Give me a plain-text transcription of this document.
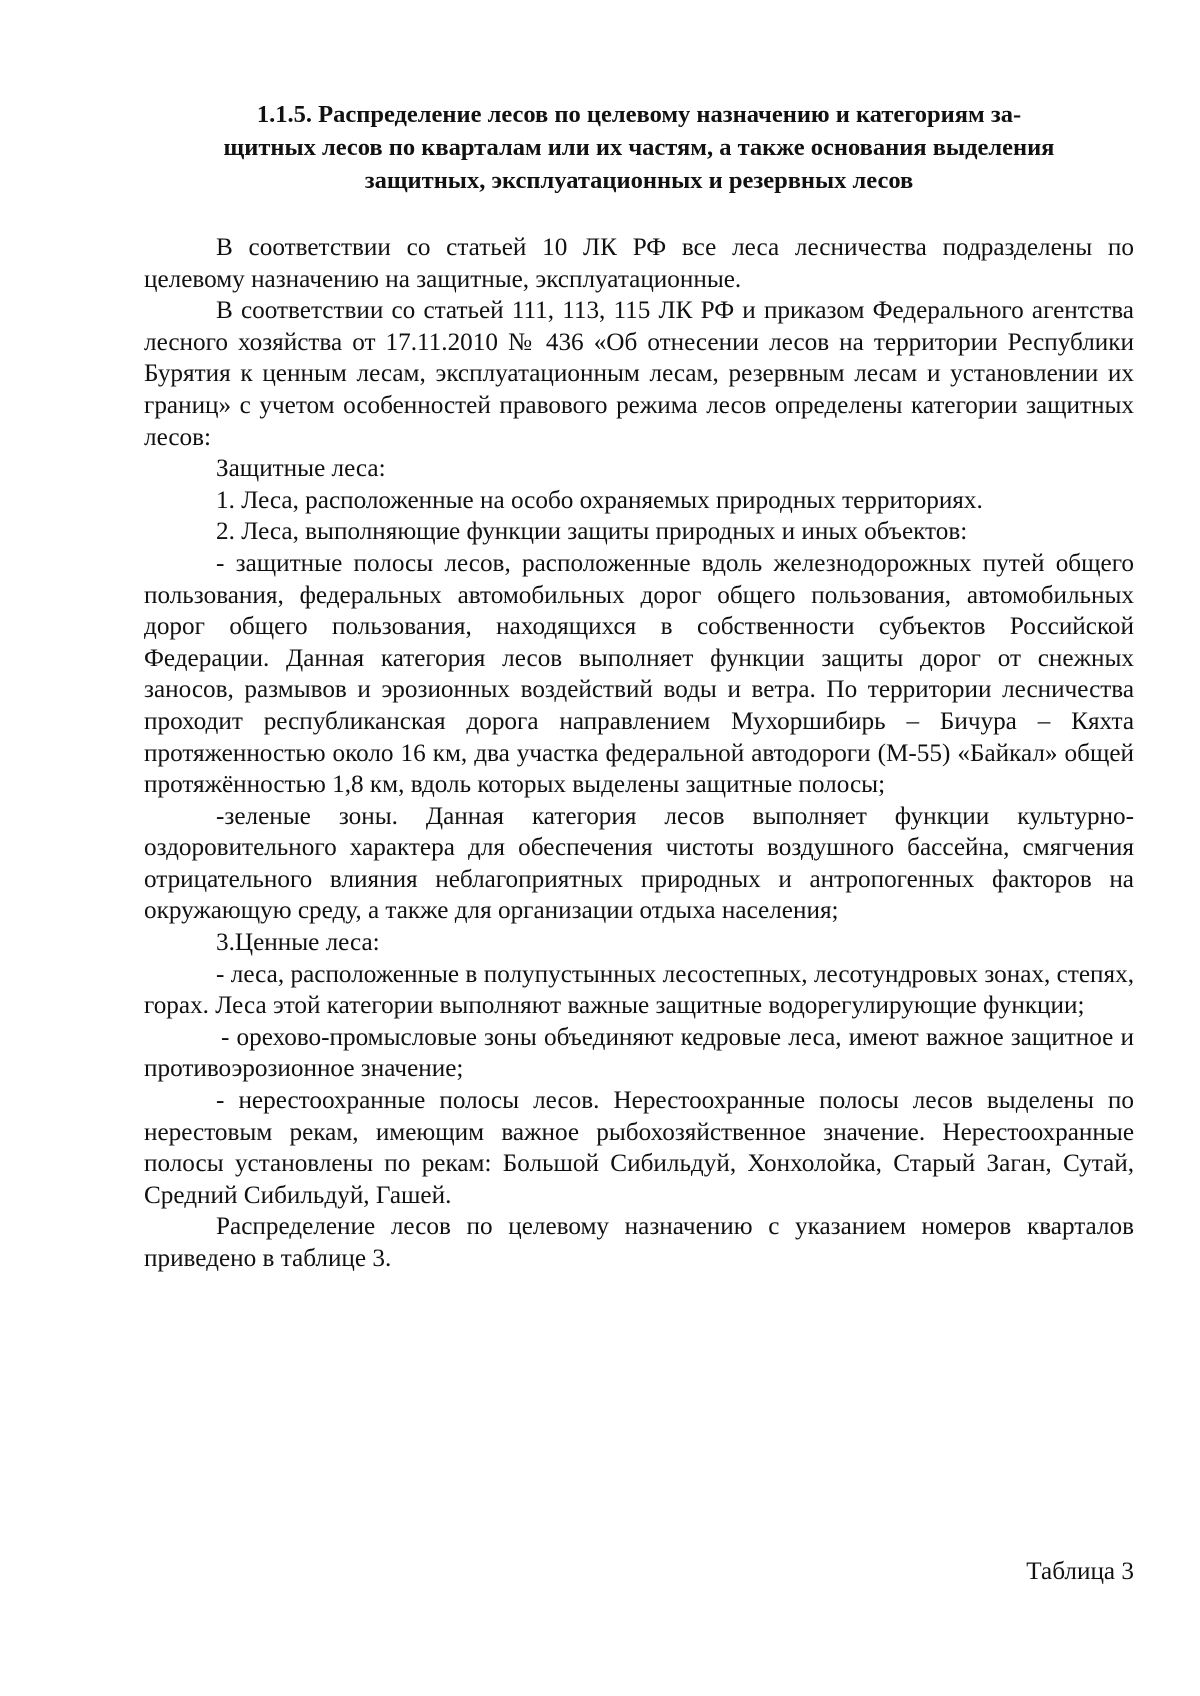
1.1.5. Распределение лесов по целевому назначению и категориям за-
щитных лесов по кварталам или их частям, а также основания выделения
защитных, эксплуатационных и резервных лесов

В соответствии со статьей 10 ЛК РФ все леса лесничества подразделены по целевому назначению на защитные, эксплуатационные.

В соответствии со статьей 111, 113, 115 ЛК РФ и приказом Федерального агентства лесного хозяйства от 17.11.2010 № 436 «Об отнесении лесов на территории Республики Бурятия к ценным лесам, эксплуатационным лесам, резервным лесам и установлении их границ» с учетом особенностей правового режима лесов определены категории защитных лесов:

Защитные леса:

1. Леса, расположенные на особо охраняемых природных территориях.

2. Леса, выполняющие функции защиты природных и иных объектов:

- защитные полосы лесов, расположенные вдоль железнодорожных путей общего пользования, федеральных автомобильных дорог общего пользования, автомобильных дорог общего пользования, находящихся в собственности субъектов Российской Федерации. Данная категория лесов выполняет функции защиты дорог от снежных заносов, размывов и эрозионных воздействий воды и ветра. По территории лесничества проходит республиканская дорога направлением Мухоршибирь – Бичура – Кяхта протяженностью около 16 км, два участка федеральной автодороги (М-55) «Байкал» общей протяжённостью 1,8 км, вдоль которых выделены защитные полосы;

-зеленые зоны. Данная категория лесов выполняет функции культурно-оздоровительного характера для обеспечения чистоты воздушного бассейна, смягчения отрицательного влияния неблагоприятных природных и антропогенных факторов на окружающую среду, а также для организации отдыха населения;

3.Ценные леса:

- леса, расположенные в полупустынных лесостепных, лесотундровых зонах, степях, горах. Леса этой категории выполняют важные защитные водорегулирующие функции;

- орехово-промысловые зоны объединяют кедровые леса, имеют важное защитное и противоэрозионное значение;

- нерестоохранные полосы лесов. Нерестоохранные полосы лесов выделены по нерестовым рекам, имеющим важное рыбохозяйственное значение. Нерестоохранные полосы установлены по рекам: Большой Сибильдуй, Хонхолойка, Старый Заган, Сутай, Средний Сибильдуй, Гашей.

Распределение лесов по целевому назначению с указанием номеров кварталов приведено в таблице 3.

Таблица 3
